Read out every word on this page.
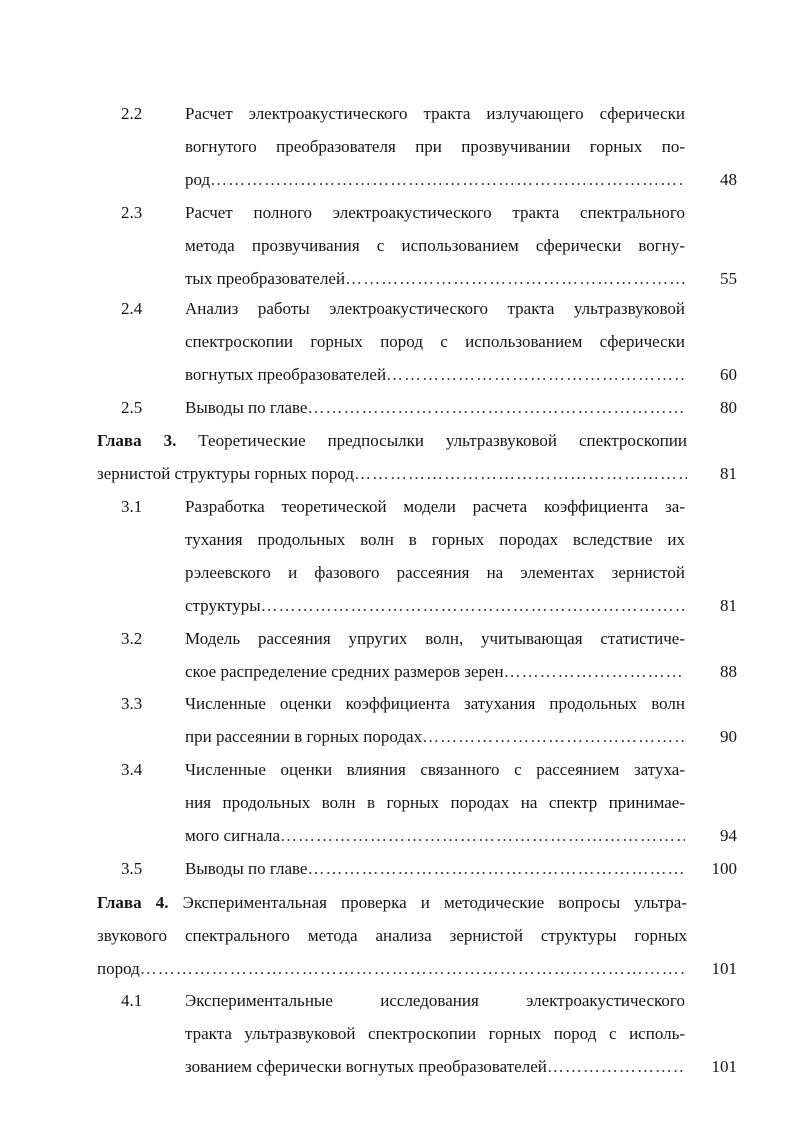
2.2	Расчет электроакустического тракта излучающего сферически
вогнутого преобразователя при прозвучивании горных по-
род ……………………………………………………………………………………………………………………………………	48
2.3	Расчет полного электроакустического тракта спектрального
метода прозвучивания с использованием сферически вогну-
тых преобразователей ……………………………………………………………………………………………………………………………………	55
2.4	Анализ работы электроакустического тракта ультразвуковой
спектроскопии горных пород с использованием сферически
вогнутых преобразователей ……………………………………………………………………………………………………………………………………	60
2.5	Выводы по главе ……………………………………………………………………………………………………………………………………	80
Глава 3. Теоретические предпосылки ультразвуковой спектроскопии
зернистой структуры горных пород ……………………………………………………………………………………………………………………………………	81
3.1	Разработка теоретической модели расчета коэффициента за-
тухания продольных волн в горных породах вследствие их
рэлеевского и фазового рассеяния на элементах зернистой
структуры ……………………………………………………………………………………………………………………………………	81
3.2	Модель рассеяния упругих волн, учитывающая статистиче-
ское распределение средних размеров зерен ……………………………………………………………………………………………………………………………………	88
3.3	Численные оценки коэффициента затухания продольных волн
при рассеянии в горных породах ……………………………………………………………………………………………………………………………………	90
3.4	Численные оценки влияния связанного с рассеянием затуха-
ния продольных волн в горных породах на спектр принимае-
мого сигнала ……………………………………………………………………………………………………………………………………	94
3.5	Выводы по главе ……………………………………………………………………………………………………………………………………	100
Глава 4. Экспериментальная проверка и методические вопросы ультра-
звукового спектрального метода анализа зернистой структуры горных
пород ……………………………………………………………………………………………………………………………………	101
4.1	Экспериментальные исследования электроакустического
тракта ультразвуковой спектроскопии горных пород с исполь-
зованием сферически вогнутых преобразователей ……………………………………………………………………………………………………………………………………	101
